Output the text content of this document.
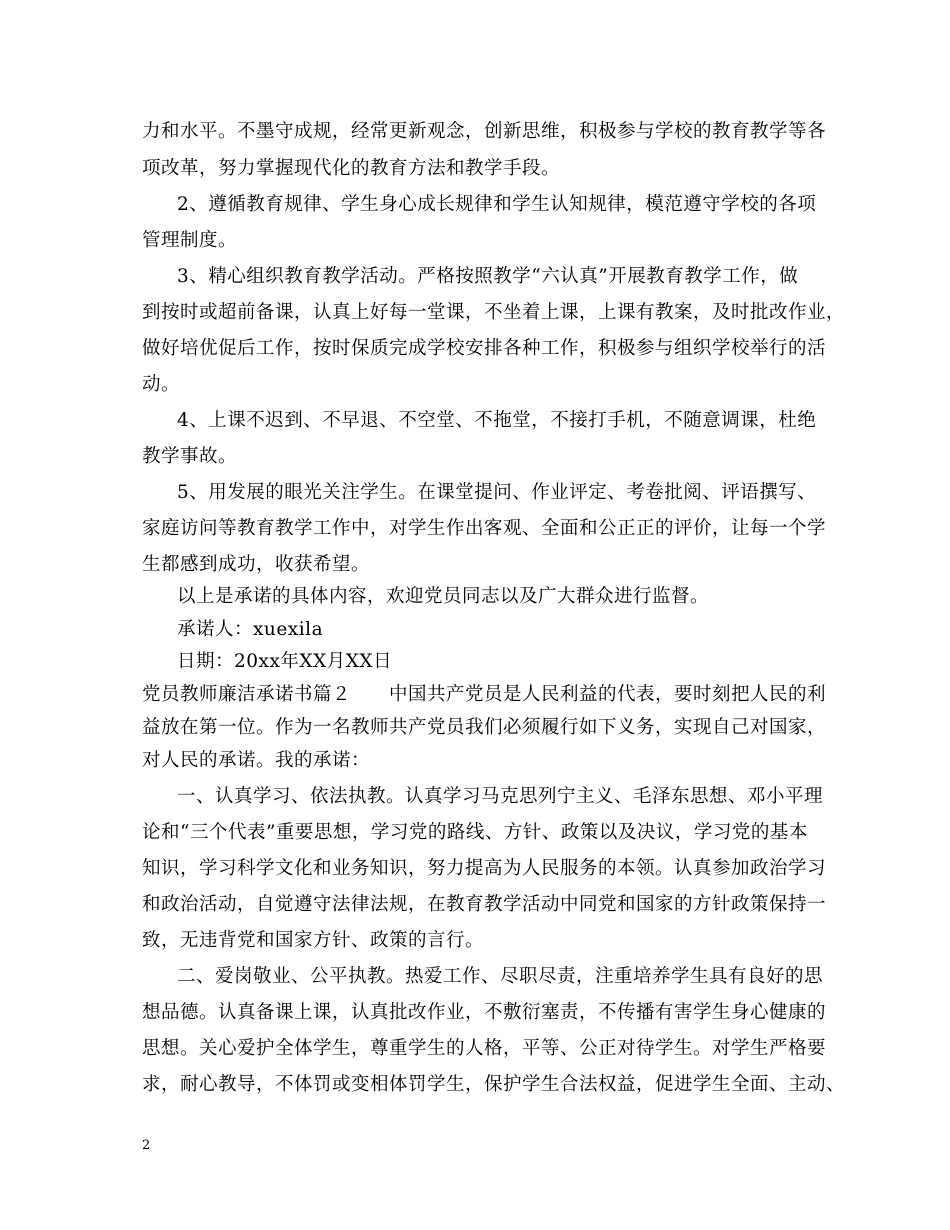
力和水平。不墨守成规，经常更新观念，创新思维，积极参与学校的教育教学等各
项改革，努力掌握现代化的教育方法和教学手段。
2、遵循教育规律、学生身心成长规律和学生认知规律，模范遵守学校的各项
管理制度。
3、精心组织教育教学活动。严格按照教学“六认真”开展教育教学工作，做
到按时或超前备课，认真上好每一堂课，不坐着上课，上课有教案，及时批改作业，
做好培优促后工作，按时保质完成学校安排各种工作，积极参与组织学校举行的活
动。
4、上课不迟到、不早退、不空堂、不拖堂，不接打手机，不随意调课，杜绝
教学事故。
5、用发展的眼光关注学生。在课堂提问、作业评定、考卷批阅、评语撰写、
家庭访问等教育教学工作中，对学生作出客观、全面和公正正的评价，让每一个学
生都感到成功，收获希望。
以上是承诺的具体内容，欢迎党员同志以及广大群众进行监督。
承诺人：xuexila
日期：20xx年XX月XX日
党员教师廉洁承诺书篇２　　中国共产党员是人民利益的代表，要时刻把人民的利
益放在第一位。作为一名教师共产党员我们必须履行如下义务，实现自己对国家，
对人民的承诺。我的承诺：
一、认真学习、依法执教。认真学习马克思列宁主义、毛泽东思想、邓小平理
论和“三个代表”重要思想，学习党的路线、方针、政策以及决议，学习党的基本
知识，学习科学文化和业务知识，努力提高为人民服务的本领。认真参加政治学习
和政治活动，自觉遵守法律法规，在教育教学活动中同党和国家的方针政策保持一
致，无违背党和国家方针、政策的言行。
二、爱岗敬业、公平执教。热爱工作、尽职尽责，注重培养学生具有良好的思
想品德。认真备课上课，认真批改作业，不敷衍塞责，不传播有害学生身心健康的
思想。关心爱护全体学生，尊重学生的人格，平等、公正对待学生。对学生严格要
求，耐心教导，不体罚或变相体罚学生，保护学生合法权益，促进学生全面、主动、
2
